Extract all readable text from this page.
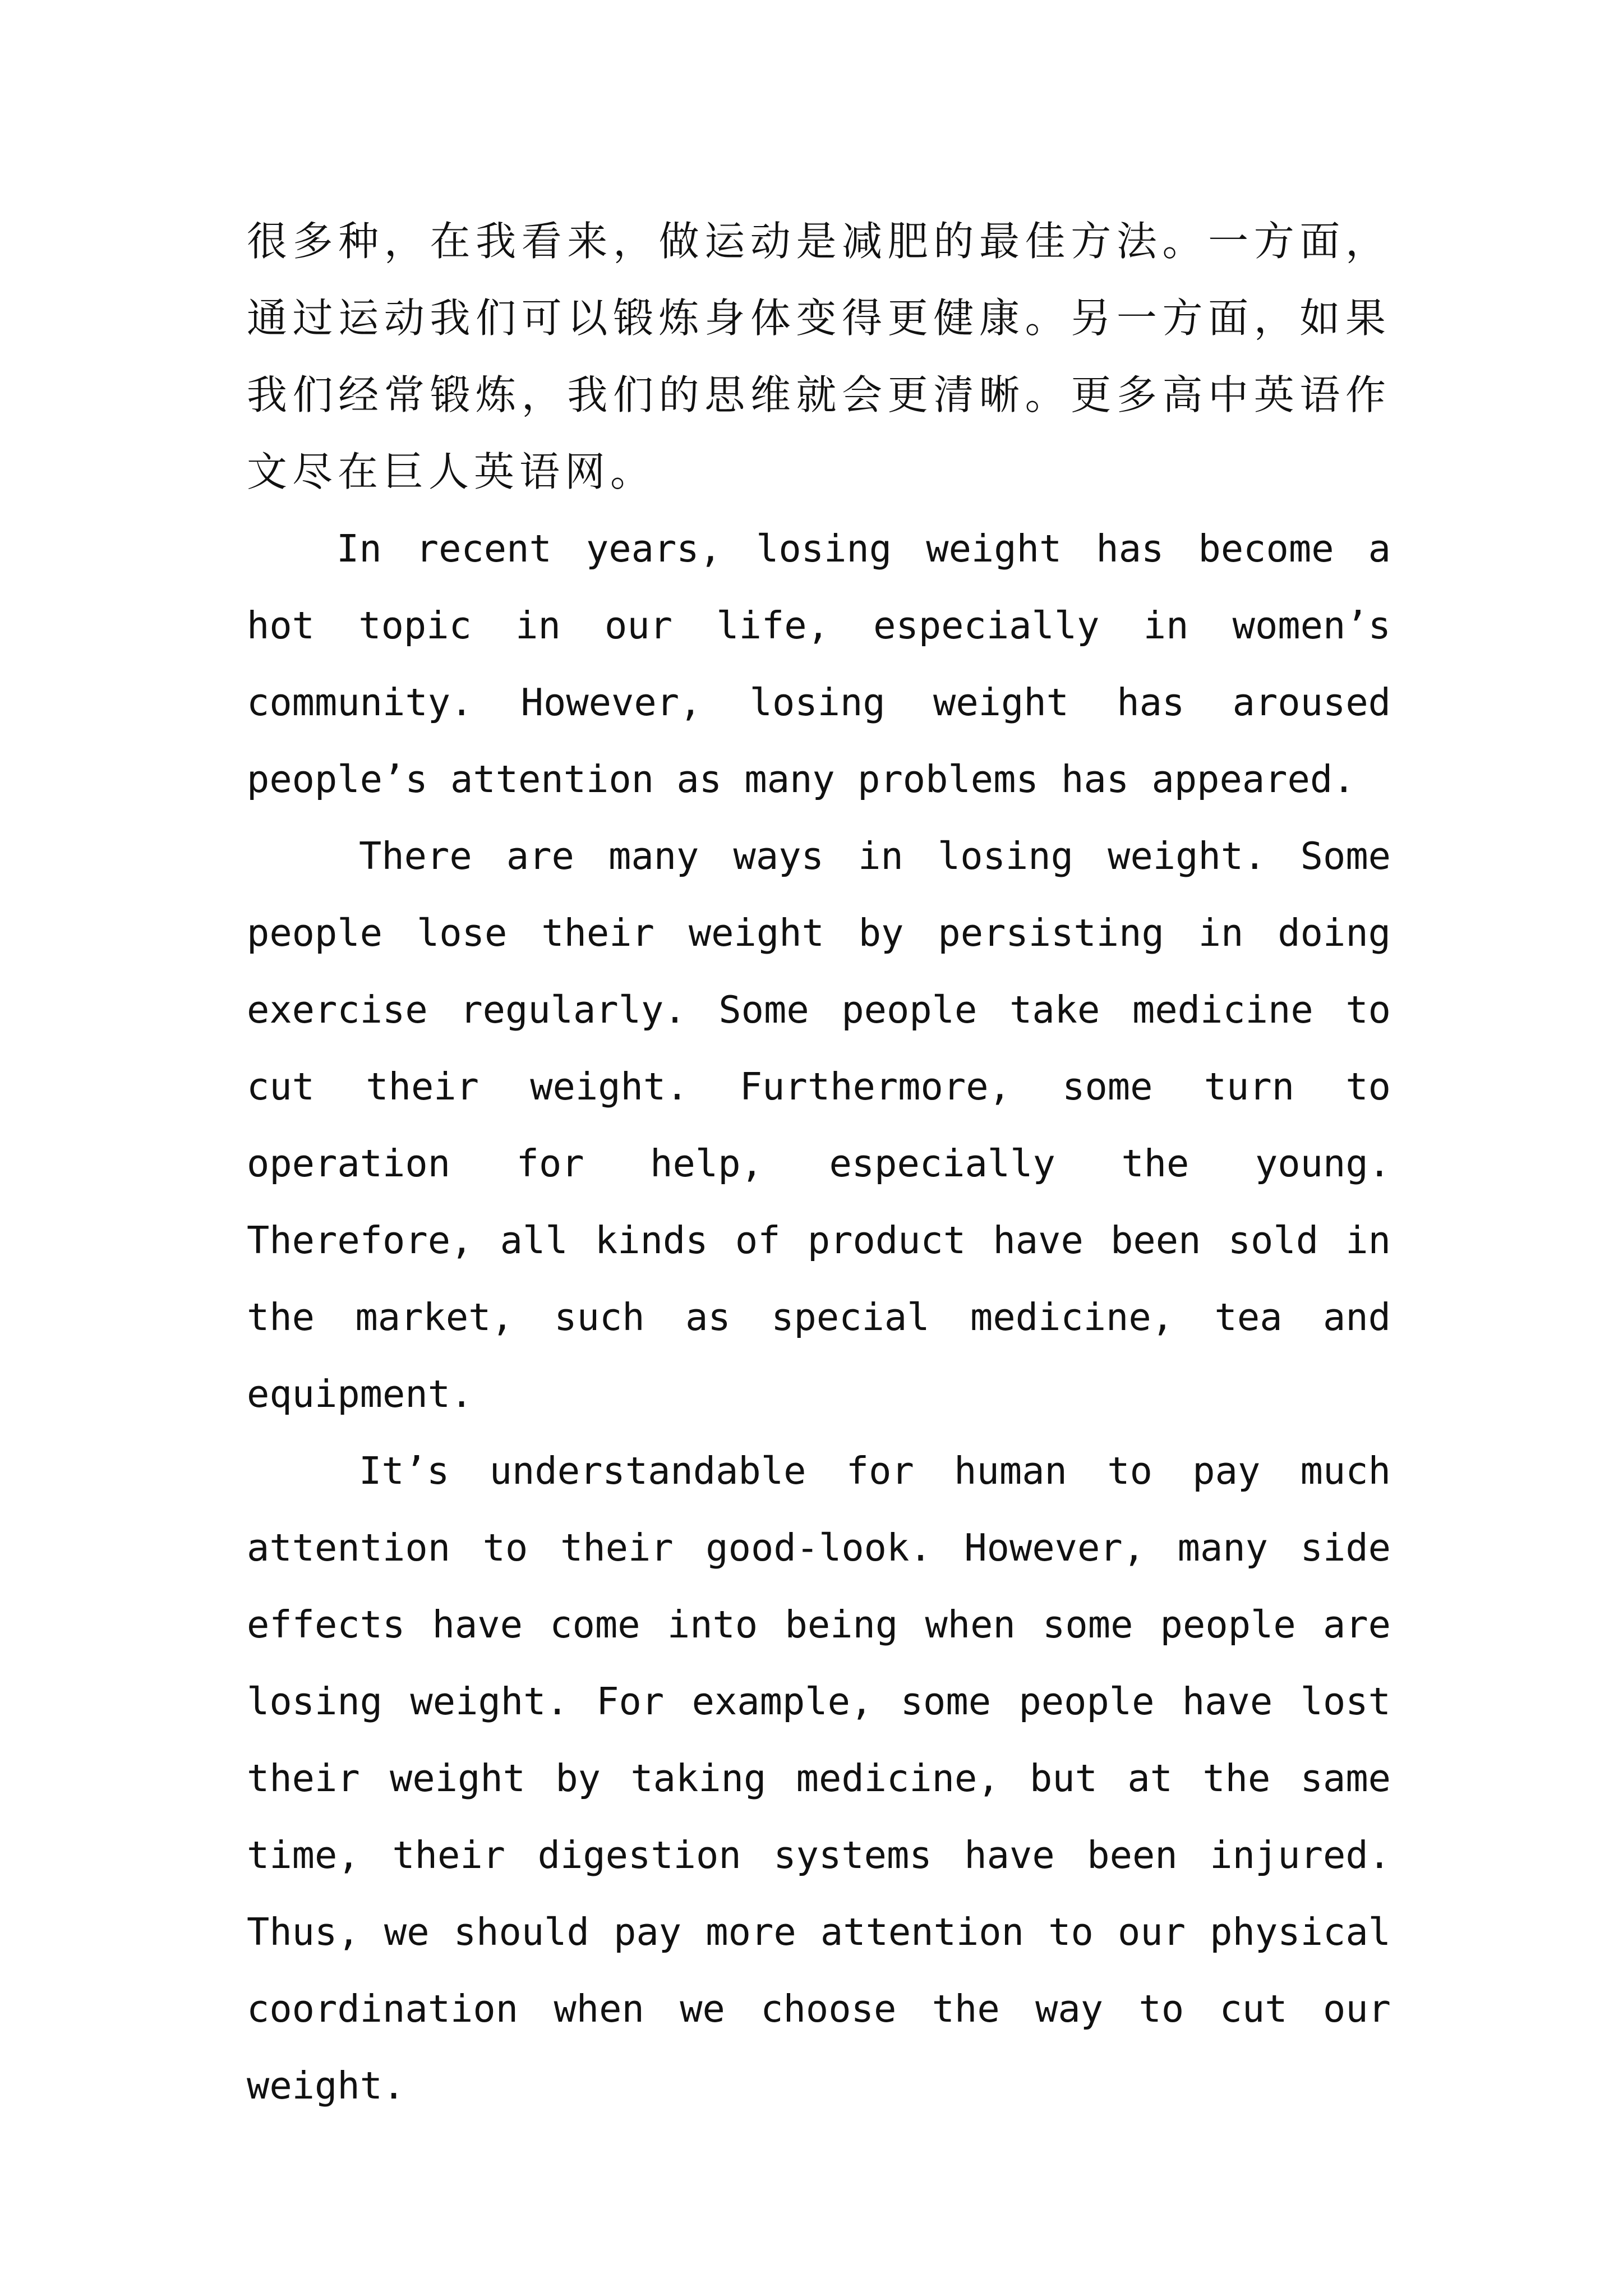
很多种，在我看来，做运动是减肥的最佳方法。一方面，通过运动我们可以锻炼身体变得更健康。另一方面，如果我们经常锻炼，我们的思维就会更清晰。更多高中英语作文尽在巨人英语网。

In recent years, losing weight has become a hot topic in our life, especially in women’s community. However, losing weight has aroused people’s attention as many problems has appeared.

There are many ways in losing weight. Some people lose their weight by persisting in doing exercise regularly. Some people take medicine to cut their weight. Furthermore, some turn to operation for help, especially the young. Therefore, all kinds of product have been sold in the market, such as special medicine, tea and equipment.

It’s understandable for human to pay much attention to their good-look. However, many side effects have come into being when some people are losing weight. For example, some people have lost their weight by taking medicine, but at the same time, their digestion systems have been injured. Thus, we should pay more attention to our physical coordination when we choose the way to cut our weight.
